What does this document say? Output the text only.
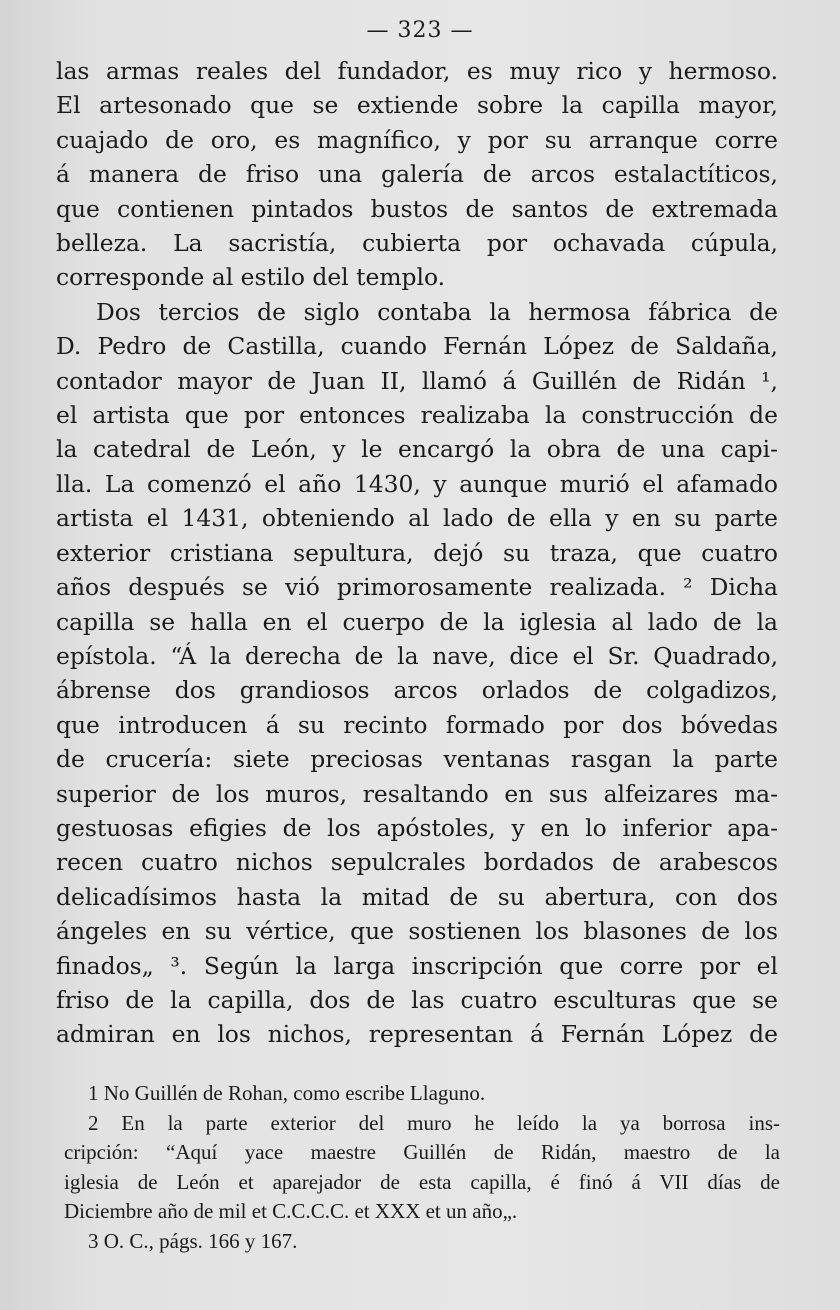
— 323 —
las armas reales del fundador, es muy rico y hermoso.
El artesonado que se extiende sobre la capilla mayor,
cuajado de oro, es magnífico, y por su arranque corre
á manera de friso una galería de arcos estalactíticos,
que contienen pintados bustos de santos de extremada
belleza. La sacristía, cubierta por ochavada cúpula,
corresponde al estilo del templo.
Dos tercios de siglo contaba la hermosa fábrica de
D. Pedro de Castilla, cuando Fernán López de Saldaña,
contador mayor de Juan II, llamó á Guillén de Ridán ¹,
el artista que por entonces realizaba la construcción de
la catedral de León, y le encargó la obra de una capi-
lla. La comenzó el año 1430, y aunque murió el afamado
artista el 1431, obteniendo al lado de ella y en su parte
exterior cristiana sepultura, dejó su traza, que cuatro
años después se vió primorosamente realizada. ² Dicha
capilla se halla en el cuerpo de la iglesia al lado de la
epístola. “Á la derecha de la nave, dice el Sr. Quadrado,
ábrense dos grandiosos arcos orlados de colgadizos,
que introducen á su recinto formado por dos bóvedas
de crucería: siete preciosas ventanas rasgan la parte
superior de los muros, resaltando en sus alfeizares ma-
gestuosas efigies de los apóstoles, y en lo inferior apa-
recen cuatro nichos sepulcrales bordados de arabescos
delicadísimos hasta la mitad de su abertura, con dos
ángeles en su vértice, que sostienen los blasones de los
finados„ ³. Según la larga inscripción que corre por el
friso de la capilla, dos de las cuatro esculturas que se
admiran en los nichos, representan á Fernán López de
1 No Guillén de Rohan, como escribe Llaguno.
2 En la parte exterior del muro he leído la ya borrosa ins-
cripción: “Aquí yace maestre Guillén de Ridán, maestro de la
iglesia de León et aparejador de esta capilla, é finó á VII días de
Diciembre año de mil et C.C.C.C. et XXX et un año„.
3 O. C., págs. 166 y 167.
